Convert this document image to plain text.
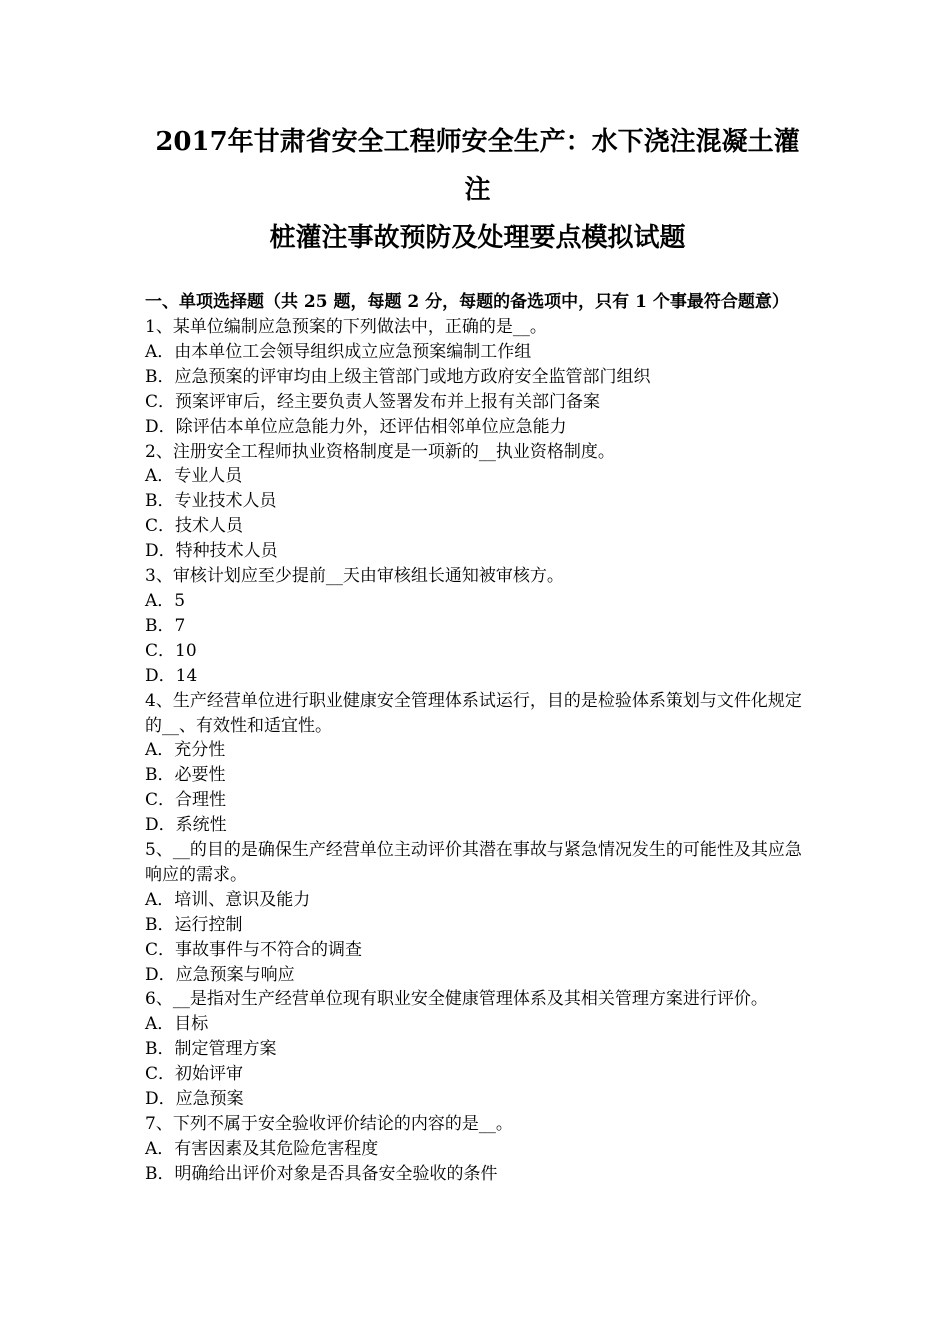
2017年甘肃省安全工程师安全生产：水下浇注混凝土灌注
桩灌注事故预防及处理要点模拟试题
一、单项选择题（共 25 题，每题 2 分，每题的备选项中，只有 1 个事最符合题意）

1、某单位编制应急预案的下列做法中，正确的是__。

A．由本单位工会领导组织成立应急预案编制工作组

B．应急预案的评审均由上级主管部门或地方政府安全监管部门组织

C．预案评审后，经主要负责人签署发布并上报有关部门备案

D．除评估本单位应急能力外，还评估相邻单位应急能力

2、注册安全工程师执业资格制度是一项新的__执业资格制度。

A．专业人员

B．专业技术人员

C．技术人员

D．特种技术人员

3、审核计划应至少提前__天由审核组长通知被审核方。

A．5

B．7

C．10

D．14

4、生产经营单位进行职业健康安全管理体系试运行，目的是检验体系策划与文件化规定的__、有效性和适宜性。

A．充分性

B．必要性

C．合理性

D．系统性

5、__的目的是确保生产经营单位主动评价其潜在事故与紧急情况发生的可能性及其应急响应的需求。

A．培训、意识及能力

B．运行控制

C．事故事件与不符合的调查

D．应急预案与响应

6、__是指对生产经营单位现有职业安全健康管理体系及其相关管理方案进行评价。

A．目标

B．制定管理方案

C．初始评审

D．应急预案

7、下列不属于安全验收评价结论的内容的是__。

A．有害因素及其危险危害程度

B．明确给出评价对象是否具备安全验收的条件
